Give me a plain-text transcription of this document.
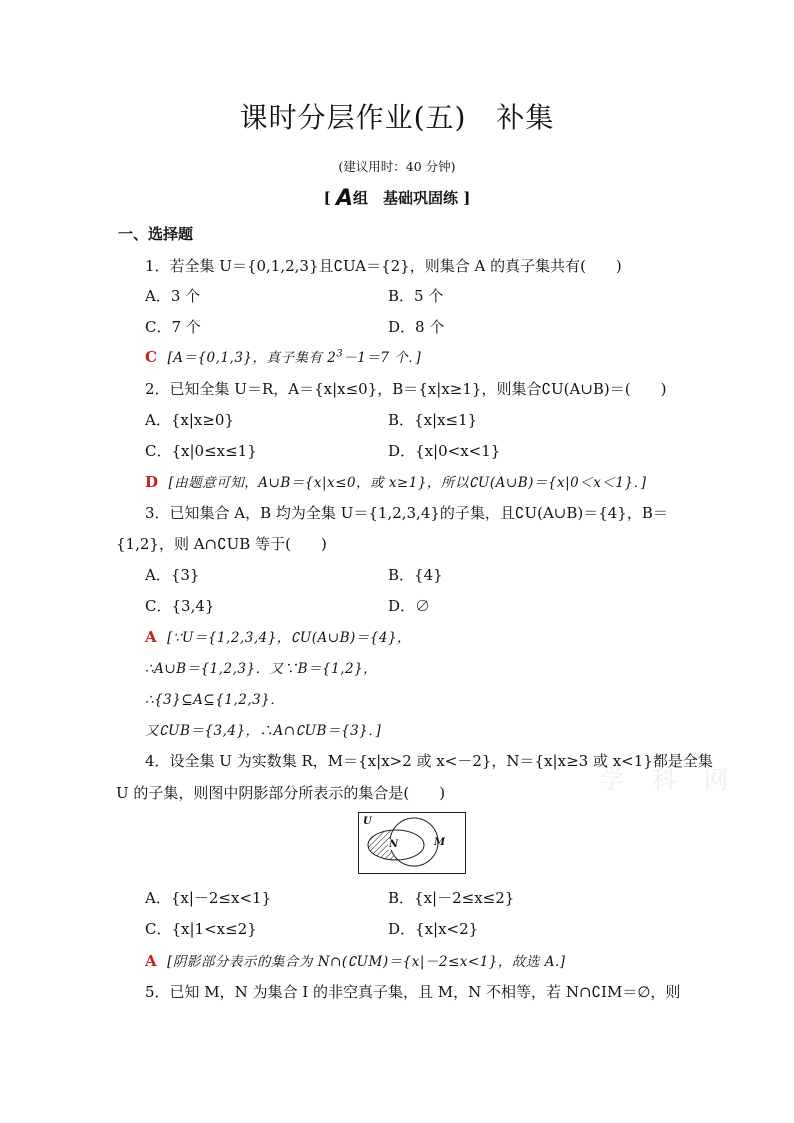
课时分层作业(五) 补集
(建议用时：40 分钟)
[ A组　基础巩固练 ]
一、选择题
1．若全集 U＝{0,1,2,3}且∁UA＝{2}，则集合 A 的真子集共有(　　)
A．3 个	B．5 个
C．7 个	D．8 个
C [A＝{0,1,3}，真子集有 $2^3-1=7$ 个．]
2．已知全集 U＝R，A＝{x|x≤0}，B＝{x|x≥1}，则集合∁U(A∪B)＝(　　)
A．{x|x≥0}	B．{x|x≤1}
C．{x|0≤x≤1}	D．{x|0<x<1}
D [由题意可知，A∪B＝{x|x≤0，或 x≥1}，所以∁U(A∪B)＝{x|0＜x＜1}．]
3．已知集合 A，B 均为全集 U＝{1,2,3,4}的子集，且∁U(A∪B)＝{4}，B＝
{1,2}，则 A∩∁UB 等于(　　)
A．{3}	B．{4}
C．{3,4}	D．∅
A [∵U＝{1,2,3,4}，∁U(A∪B)＝{4}，
∴A∪B＝{1,2,3}．又∵B＝{1,2}，
∴{3}⊆A⊆{1,2,3}．
又∁UB＝{3,4}，∴A∩∁UB＝{3}．]
4．设全集 U 为实数集 R，M＝{x|x>2 或 x<－2}，N＝{x|x≥3 或 x<1}都是全集
U 的子集，则图中阴影部分所表示的集合是(　　)
U
N	M
A．{x|－2≤x<1}	B．{x|－2≤x≤2}
C．{x|1<x≤2}	D．{x|x<2}
A [阴影部分表示的集合为 N∩(∁UM)＝{x|－2≤x<1}，故选 A.]
5．已知 M，N 为集合 I 的非空真子集，且 M，N 不相等，若 N∩∁IM＝∅，则
学　科　网
